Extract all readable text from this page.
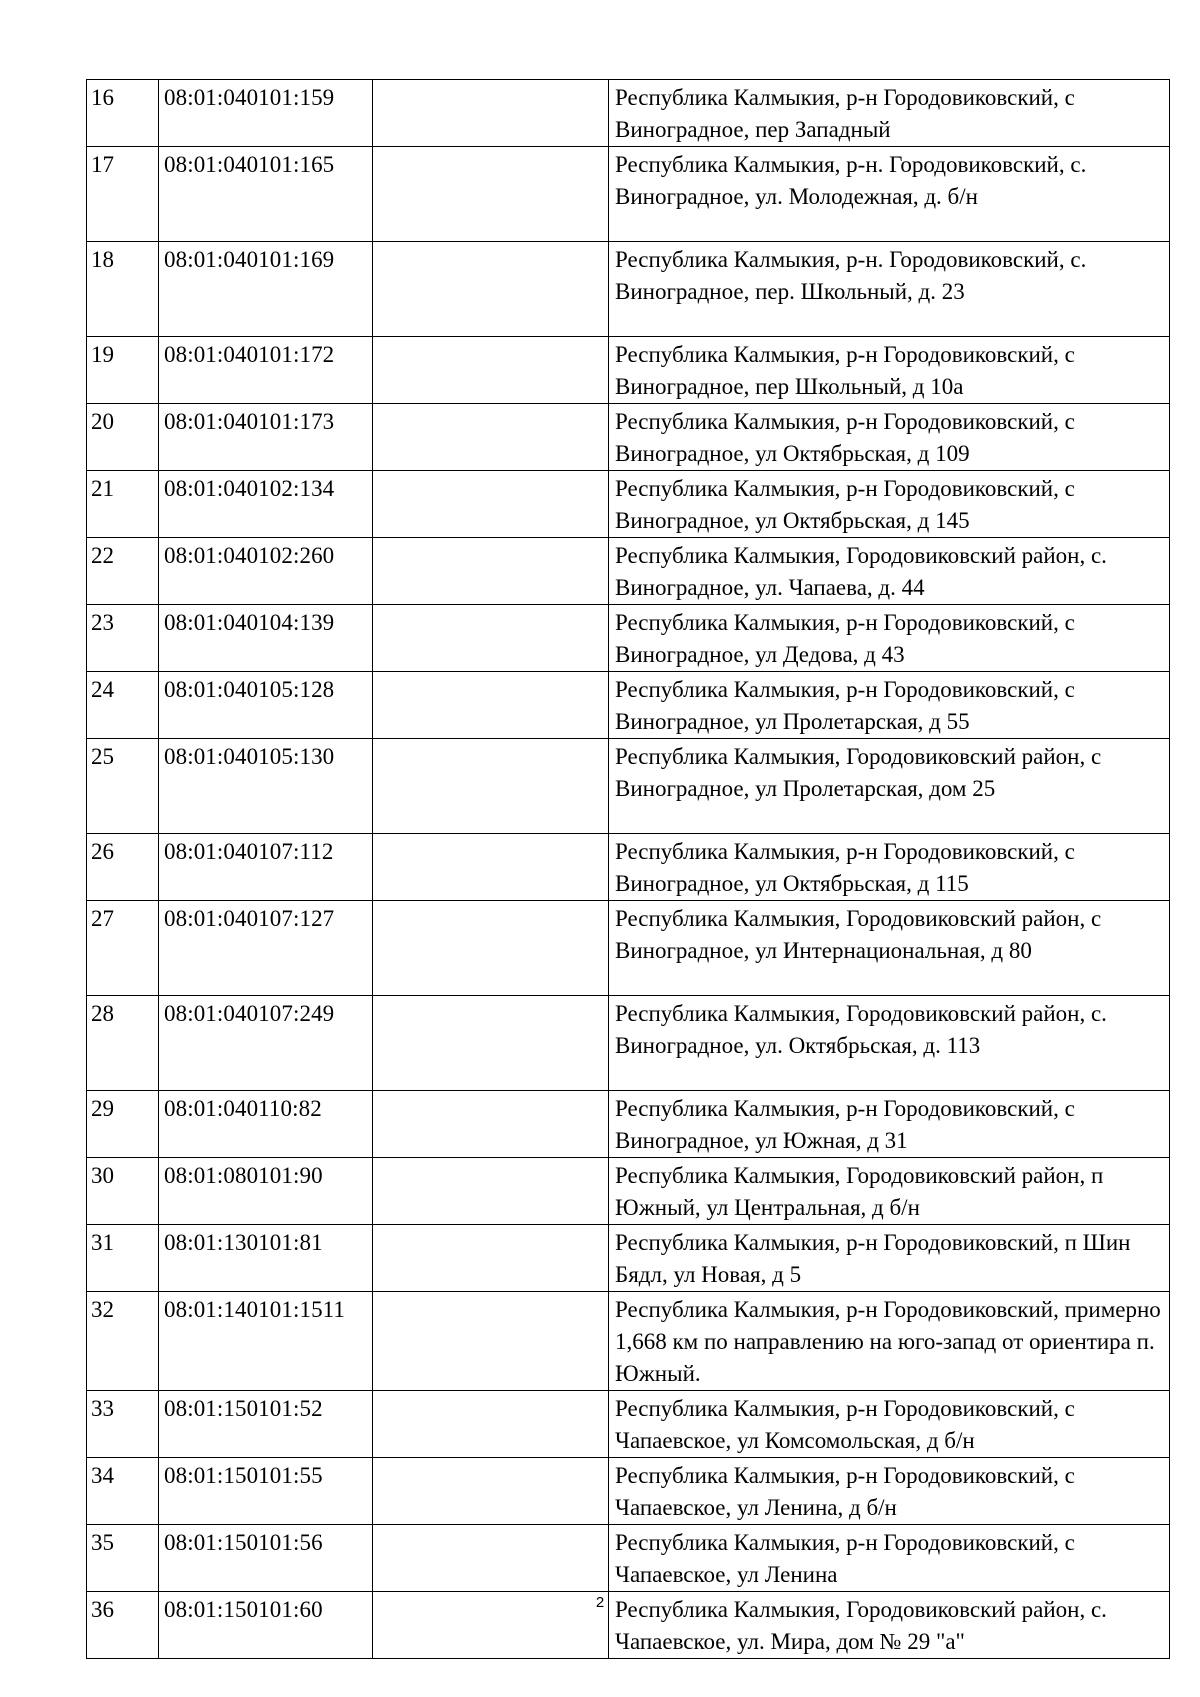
16	08:01:040101:159		Республика Калмыкия, р-н Городовиковский, с Виноградное, пер Западный
17	08:01:040101:165		Республика Калмыкия, р-н. Городовиковский, с. Виноградное, ул. Молодежная, д. б/н
18	08:01:040101:169		Республика Калмыкия, р-н. Городовиковский, с. Виноградное, пер. Школьный, д. 23
19	08:01:040101:172		Республика Калмыкия, р-н Городовиковский, с Виноградное, пер Школьный, д 10а
20	08:01:040101:173		Республика Калмыкия, р-н Городовиковский, с Виноградное, ул Октябрьская, д 109
21	08:01:040102:134		Республика Калмыкия, р-н Городовиковский, с Виноградное, ул Октябрьская, д 145
22	08:01:040102:260		Республика Калмыкия, Городовиковский район, с. Виноградное, ул. Чапаева, д. 44
23	08:01:040104:139		Республика Калмыкия, р-н Городовиковский, с Виноградное, ул Дедова, д 43
24	08:01:040105:128		Республика Калмыкия, р-н Городовиковский, с Виноградное, ул Пролетарская, д 55
25	08:01:040105:130		Республика Калмыкия, Городовиковский район, с Виноградное, ул Пролетарская, дом 25
26	08:01:040107:112		Республика Калмыкия, р-н Городовиковский, с Виноградное, ул Октябрьская, д 115
27	08:01:040107:127		Республика Калмыкия, Городовиковский район, с Виноградное, ул Интернациональная, д 80
28	08:01:040107:249		Республика Калмыкия, Городовиковский район, с. Виноградное, ул. Октябрьская, д. 113
29	08:01:040110:82		Республика Калмыкия, р-н Городовиковский, с Виноградное, ул Южная, д 31
30	08:01:080101:90		Республика Калмыкия, Городовиковский район, п Южный, ул Центральная, д б/н
31	08:01:130101:81		Республика Калмыкия, р-н Городовиковский, п Шин Бядл, ул Новая, д 5
32	08:01:140101:1511		Республика Калмыкия, р-н Городовиковский, примерно 1,668 км по направлению на юго-запад от ориентира п. Южный.
33	08:01:150101:52		Республика Калмыкия, р-н Городовиковский, с Чапаевское, ул Комсомольская, д б/н
34	08:01:150101:55		Республика Калмыкия, р-н Городовиковский, с Чапаевское, ул Ленина, д б/н
35	08:01:150101:56		Республика Калмыкия, р-н Городовиковский, с Чапаевское, ул Ленина
36	08:01:150101:60		Республика Калмыкия, Городовиковский район, с. Чапаевское, ул. Мира, дом № 29 "а"
2
